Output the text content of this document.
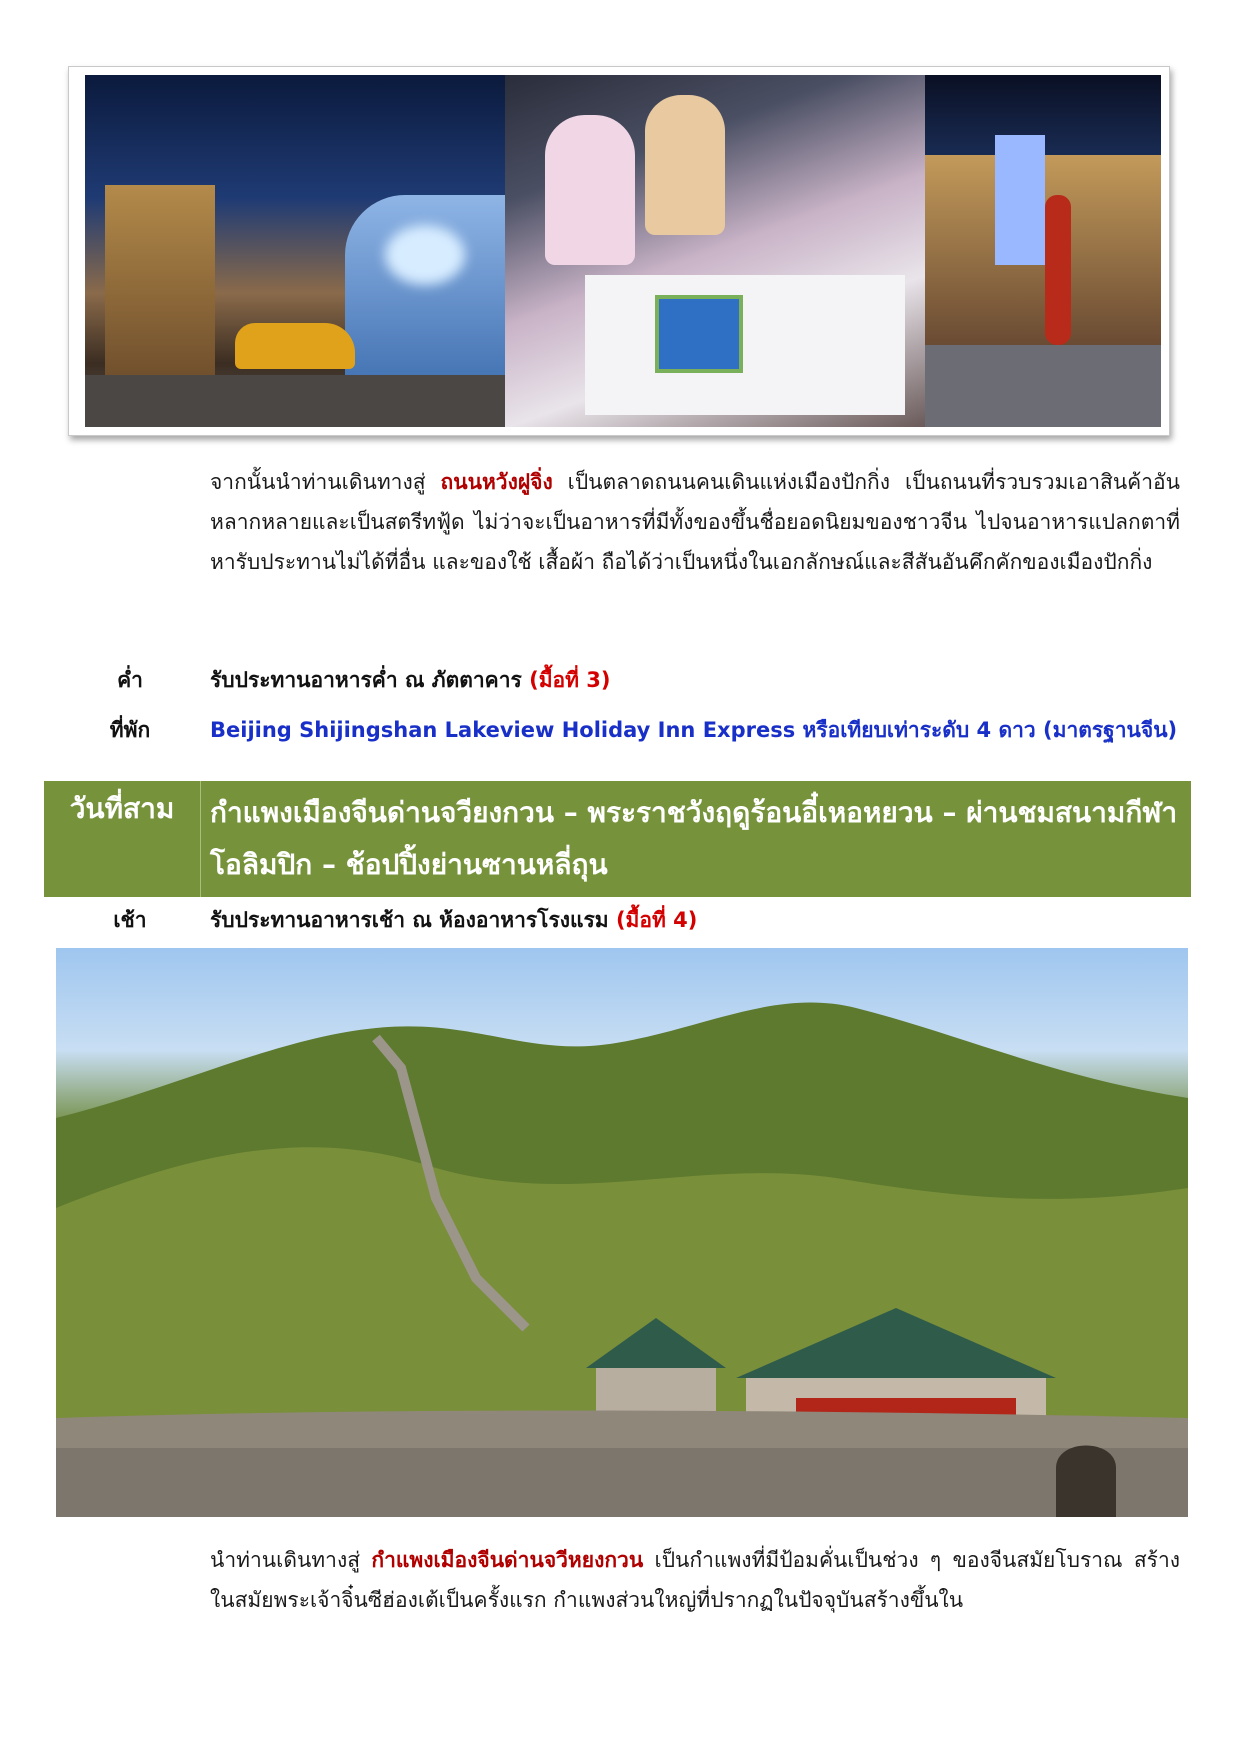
จากนั้นนำท่านเดินทางสู่ ถนนหวังฝูจิ่ง เป็นตลาดถนนคนเดินแห่งเมืองปักกิ่ง เป็นถนนที่รวบรวมเอาสินค้าอันหลากหลายและเป็นสตรีทฟู้ด ไม่ว่าจะเป็นอาหารที่มีทั้งของขึ้นชื่อยอดนิยมของชาวจีน ไปจนอาหารแปลกตาที่หารับประทานไม่ได้ที่อื่น และของใช้ เสื้อผ้า ถือได้ว่าเป็นหนึ่งในเอกลักษณ์และสีสันอันคึกคักของเมืองปักกิ่ง
ค่ำ	รับประทานอาหารค่ำ ณ ภัตตาคาร (มื้อที่ 3)
ที่พัก	Beijing Shijingshan Lakeview Holiday Inn Express หรือเทียบเท่าระดับ 4 ดาว (มาตรฐานจีน)
วันที่สาม	กำแพงเมืองจีนด่านจวียงกวน – พระราชวังฤดูร้อนอี๋เหอหยวน – ผ่านชมสนามกีฬาโอลิมปิก – ช้อปปิ้งย่านซานหลี่ถุน
เช้า	รับประทานอาหารเช้า ณ ห้องอาหารโรงแรม (มื้อที่ 4)
นำท่านเดินทางสู่ กำแพงเมืองจีนด่านจวีหยงกวน เป็นกำแพงที่มีป้อมคั่นเป็นช่วง ๆ ของจีนสมัยโบราณ สร้างในสมัยพระเจ้าจิ๋นซีฮ่องเต้เป็นครั้งแรก กำแพงส่วนใหญ่ที่ปรากฏในปัจจุบันสร้างขึ้นใน
